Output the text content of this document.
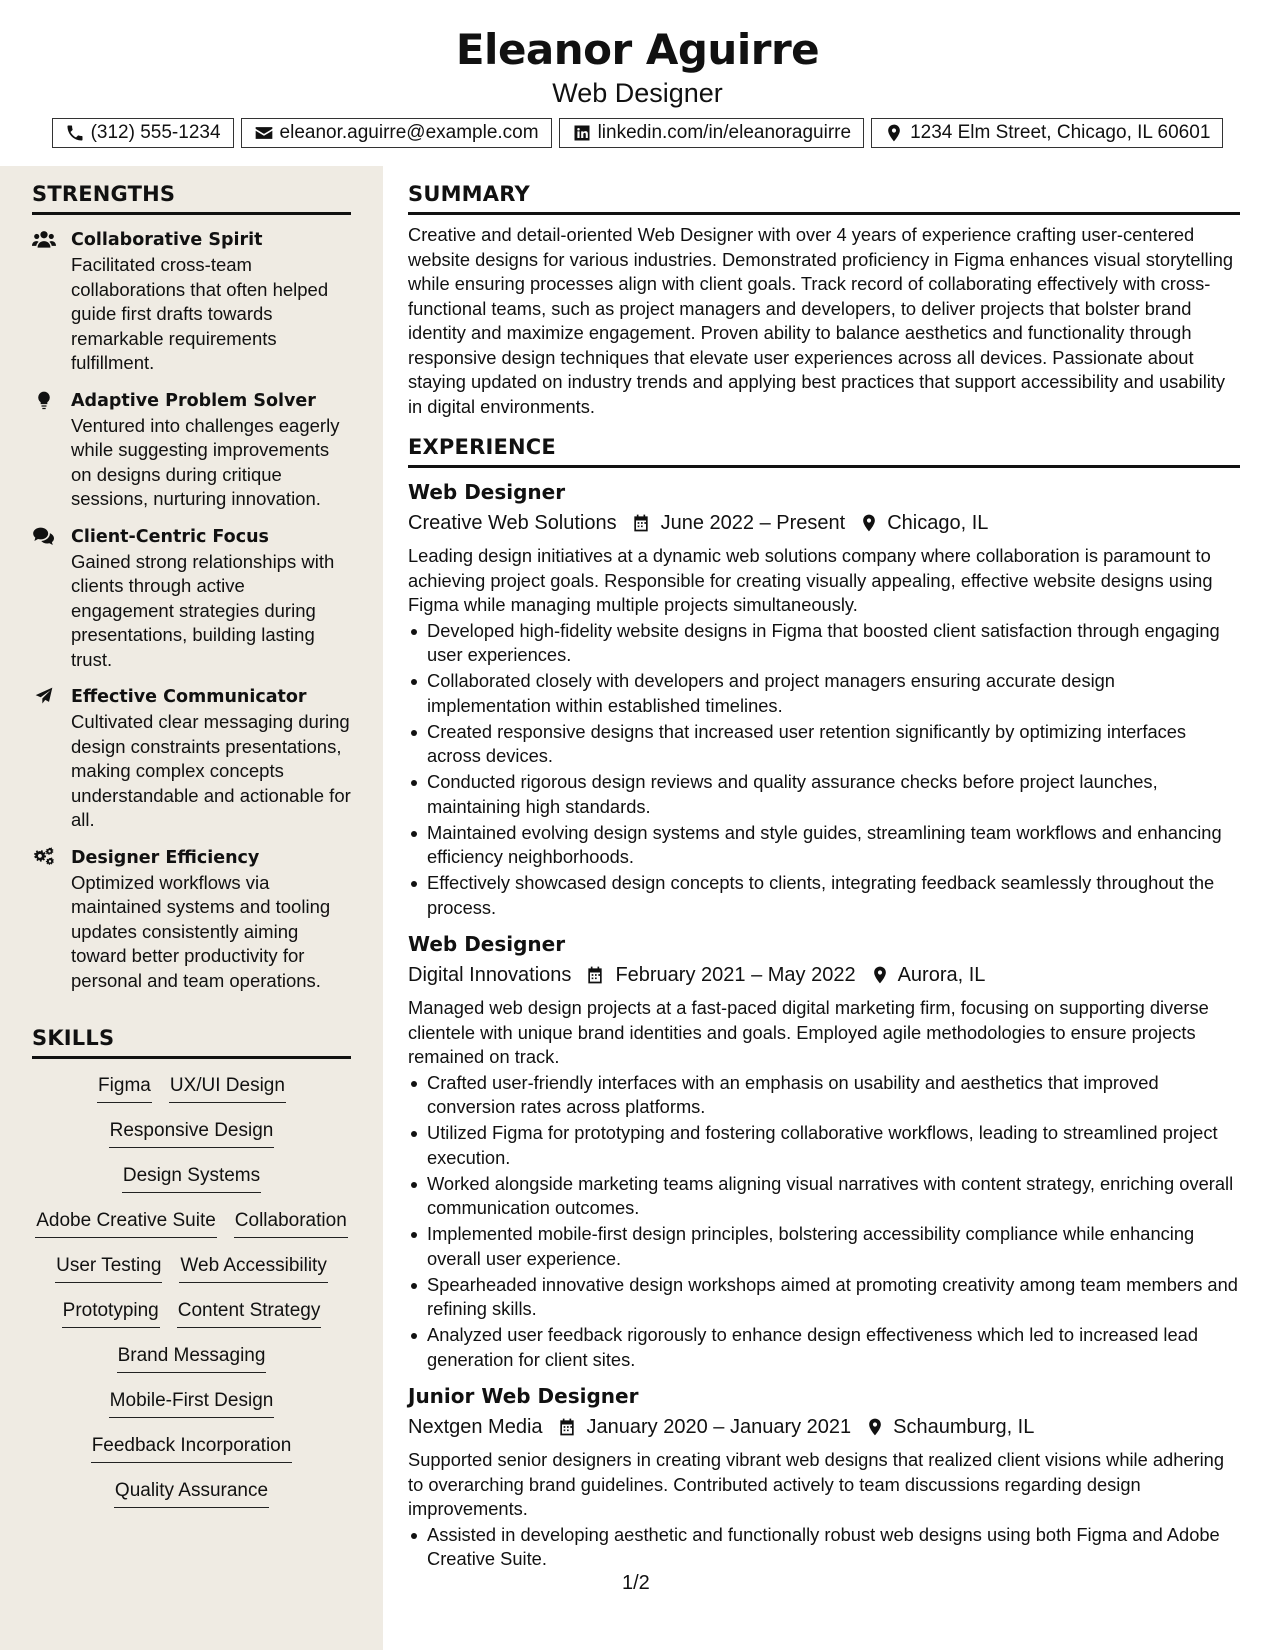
Eleanor Aguirre
Web Designer
(312) 555-1234	eleanor.aguirre@example.com	linkedin.com/in/eleanoraguirre	1234 Elm Street, Chicago, IL 60601
STRENGTHS
Collaborative Spirit
Facilitated cross-team collaborations that often helped guide first drafts towards remarkable requirements fulfillment.
Adaptive Problem Solver
Ventured into challenges eagerly while suggesting improvements on designs during critique sessions, nurturing innovation.
Client-Centric Focus
Gained strong relationships with clients through active engagement strategies during presentations, building lasting trust.
Effective Communicator
Cultivated clear messaging during design constraints presentations, making complex concepts understandable and actionable for all.
Designer Efficiency
Optimized workflows via maintained systems and tooling updates consistently aiming toward better productivity for personal and team operations.
SKILLS
Figma UX/UI Design
Responsive Design
Design Systems
Adobe Creative Suite Collaboration
User Testing Web Accessibility
Prototyping Content Strategy
Brand Messaging
Mobile-First Design
Feedback Incorporation
Quality Assurance
SUMMARY

Creative and detail-oriented Web Designer with over 4 years of experience crafting user-centered website designs for various industries. Demonstrated proficiency in Figma enhances visual storytelling while ensuring processes align with client goals. Track record of collaborating effectively with cross-functional teams, such as project managers and developers, to deliver projects that bolster brand identity and maximize engagement. Proven ability to balance aesthetics and functionality through responsive design techniques that elevate user experiences across all devices. Passionate about staying updated on industry trends and applying best practices that support accessibility and usability in digital environments.

EXPERIENCE
Web Designer
Creative Web Solutions June 2022 – Present Chicago, IL

Leading design initiatives at a dynamic web solutions company where collaboration is paramount to achieving project goals. Responsible for creating visually appealing, effective website designs using Figma while managing multiple projects simultaneously.

Developed high-fidelity website designs in Figma that boosted client satisfaction through engaging user experiences.
Collaborated closely with developers and project managers ensuring accurate design implementation within established timelines.
Created responsive designs that increased user retention significantly by optimizing interfaces across devices.
Conducted rigorous design reviews and quality assurance checks before project launches, maintaining high standards.
Maintained evolving design systems and style guides, streamlining team workflows and enhancing efficiency neighborhoods.
Effectively showcased design concepts to clients, integrating feedback seamlessly throughout the process.
Web Designer
Digital Innovations February 2021 – May 2022 Aurora, IL

Managed web design projects at a fast-paced digital marketing firm, focusing on supporting diverse clientele with unique brand identities and goals. Employed agile methodologies to ensure projects remained on track.

Crafted user-friendly interfaces with an emphasis on usability and aesthetics that improved conversion rates across platforms.
Utilized Figma for prototyping and fostering collaborative workflows, leading to streamlined project execution.
Worked alongside marketing teams aligning visual narratives with content strategy, enriching overall communication outcomes.
Implemented mobile-first design principles, bolstering accessibility compliance while enhancing overall user experience.
Spearheaded innovative design workshops aimed at promoting creativity among team members and refining skills.
Analyzed user feedback rigorously to enhance design effectiveness which led to increased lead generation for client sites.
Junior Web Designer
Nextgen Media January 2020 – January 2021 Schaumburg, IL

Supported senior designers in creating vibrant web designs that realized client visions while adhering to overarching brand guidelines. Contributed actively to team discussions regarding design improvements.

Assisted in developing aesthetic and functionally robust web designs using both Figma and Adobe Creative Suite.
1/2
